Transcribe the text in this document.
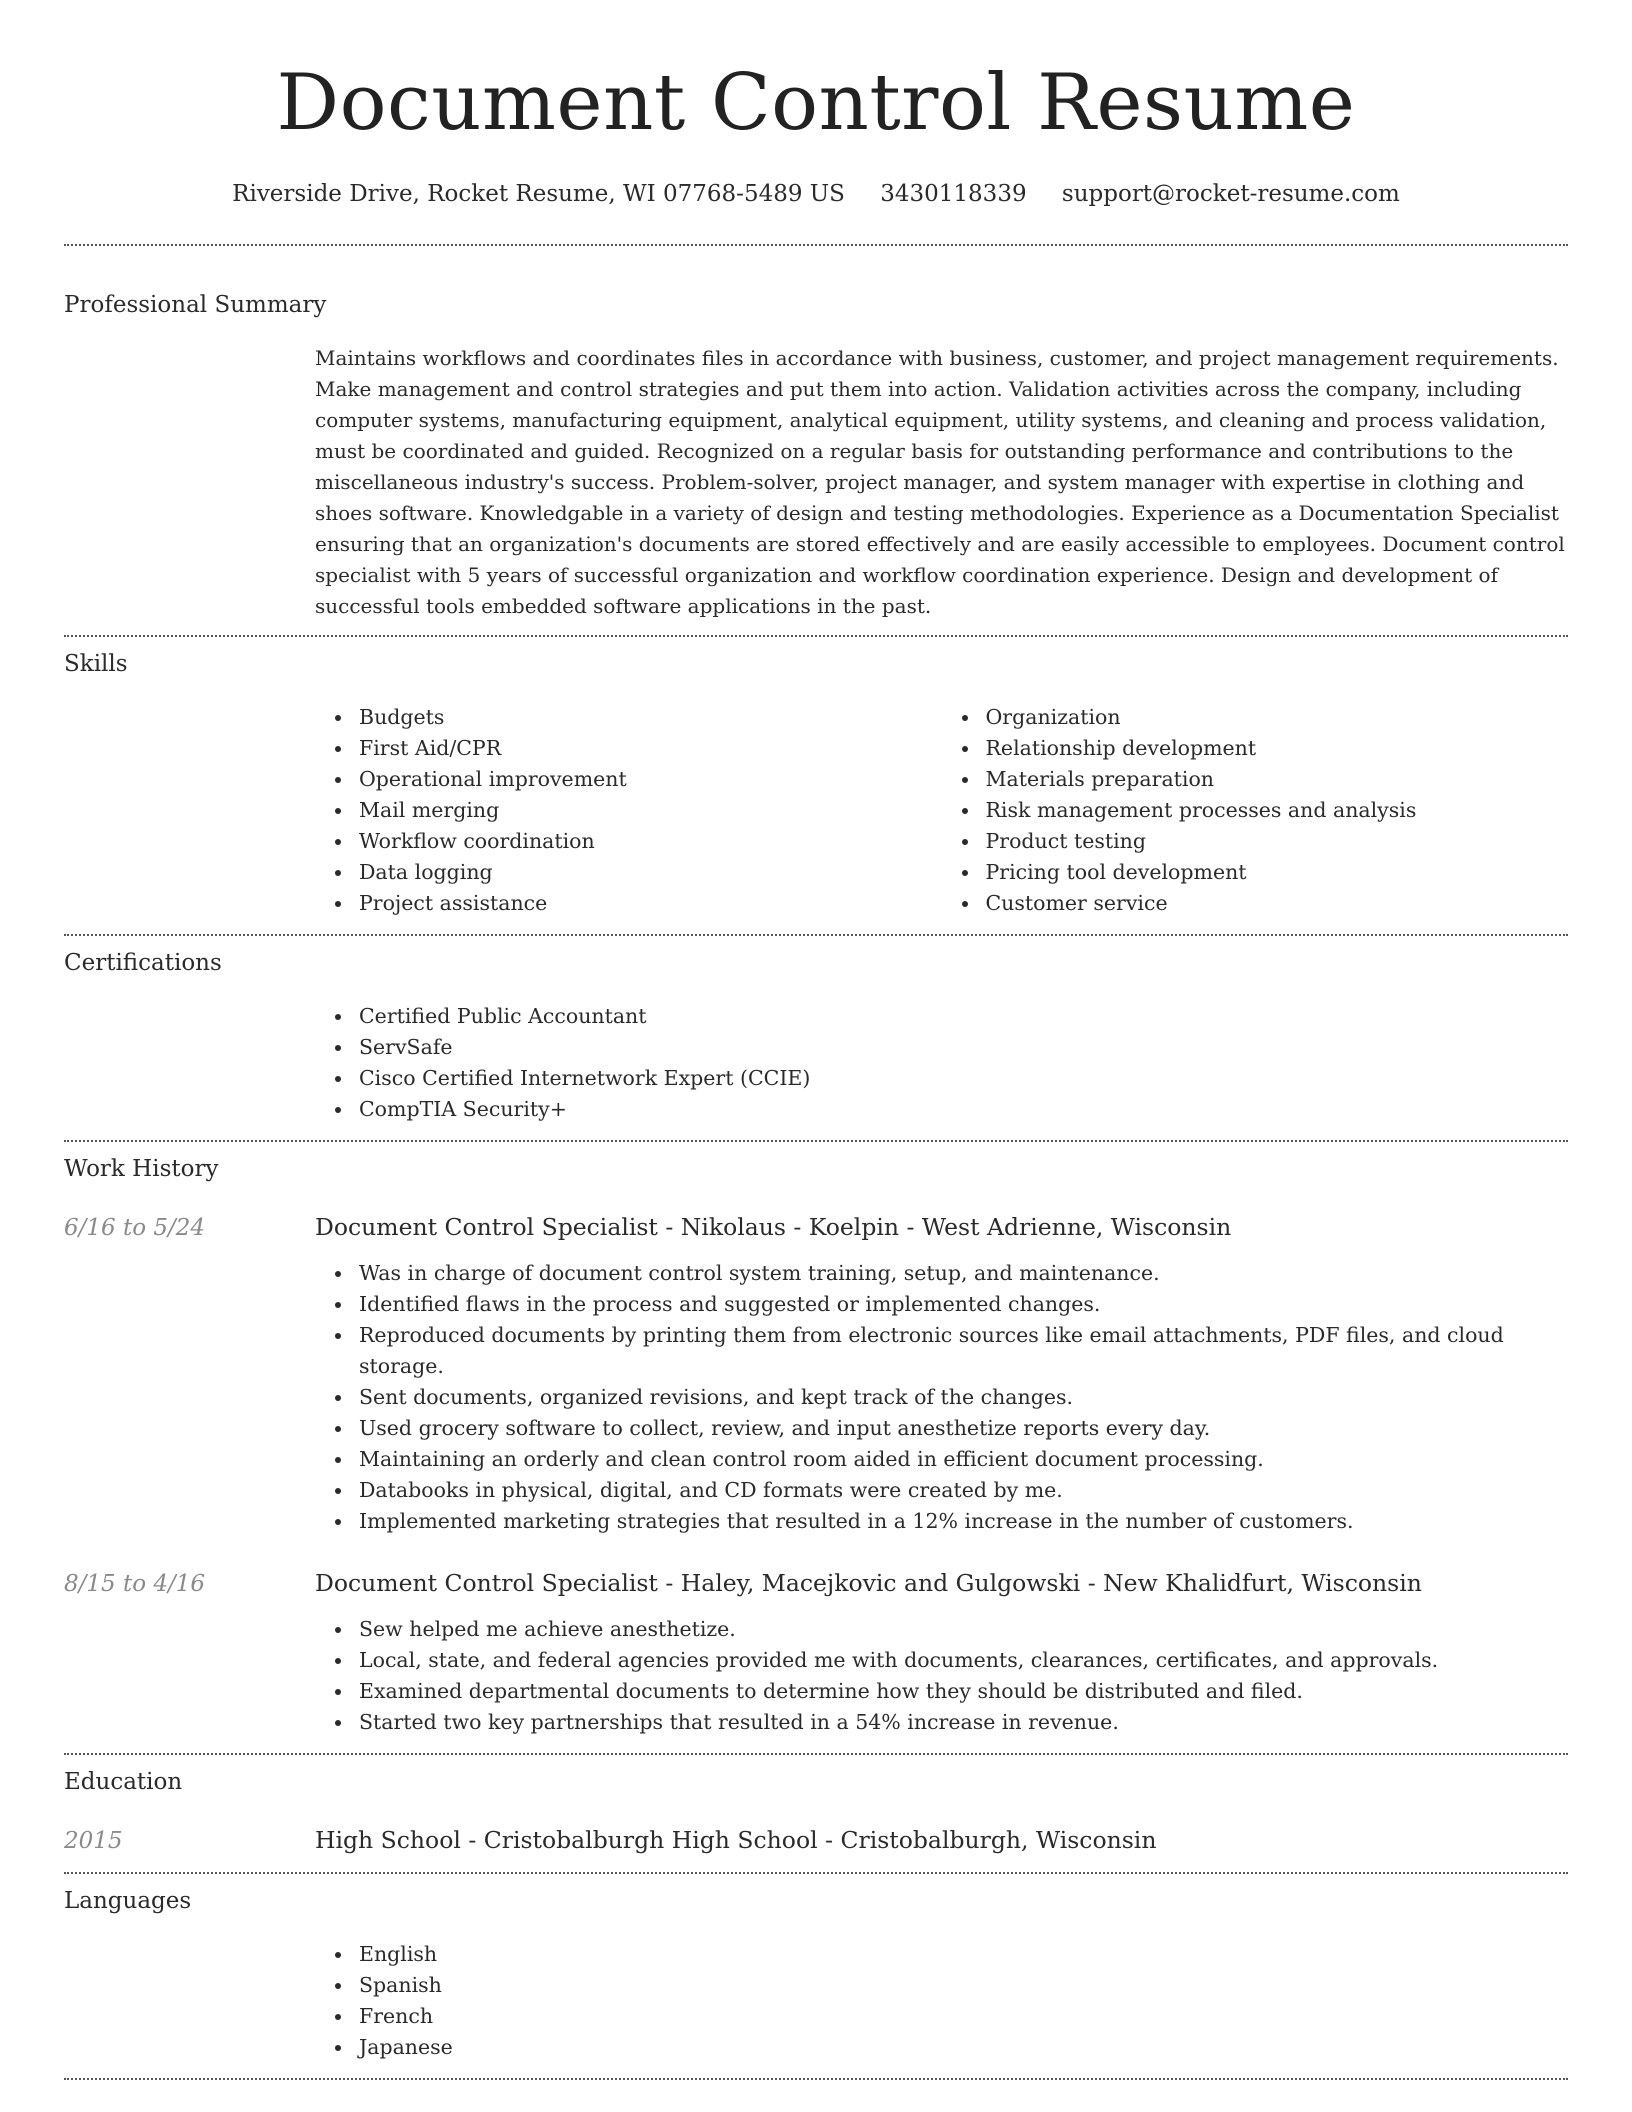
Document Control Resume
Riverside Drive, Rocket Resume, WI 07768-5489 US 3430118339 support@rocket-resume.com
Professional Summary
Maintains workflows and coordinates files in accordance with business, customer, and project management requirements.
Make management and control strategies and put them into action. Validation activities across the company, including
computer systems, manufacturing equipment, analytical equipment, utility systems, and cleaning and process validation,
must be coordinated and guided. Recognized on a regular basis for outstanding performance and contributions to the
miscellaneous industry's success. Problem-solver, project manager, and system manager with expertise in clothing and
shoes software. Knowledgable in a variety of design and testing methodologies. Experience as a Documentation Specialist
ensuring that an organization's documents are stored effectively and are easily accessible to employees. Document control
specialist with 5 years of successful organization and workflow coordination experience. Design and development of
successful tools embedded software applications in the past.
Skills
Budgets
First Aid/CPR
Operational improvement
Mail merging
Workflow coordination
Data logging
Project assistance
Organization
Relationship development
Materials preparation
Risk management processes and analysis
Product testing
Pricing tool development
Customer service
Certifications
Certified Public Accountant
ServSafe
Cisco Certified Internetwork Expert (CCIE)
CompTIA Security+
Work History
6/16 to 5/24	Document Control Specialist - Nikolaus - Koelpin - West Adrienne, Wisconsin
Was in charge of document control system training, setup, and maintenance.
Identified flaws in the process and suggested or implemented changes.
Reproduced documents by printing them from electronic sources like email attachments, PDF files, and cloud storage.
Sent documents, organized revisions, and kept track of the changes.
Used grocery software to collect, review, and input anesthetize reports every day.
Maintaining an orderly and clean control room aided in efficient document processing.
Databooks in physical, digital, and CD formats were created by me.
Implemented marketing strategies that resulted in a 12% increase in the number of customers.
8/15 to 4/16	Document Control Specialist - Haley, Macejkovic and Gulgowski - New Khalidfurt, Wisconsin
Sew helped me achieve anesthetize.
Local, state, and federal agencies provided me with documents, clearances, certificates, and approvals.
Examined departmental documents to determine how they should be distributed and filed.
Started two key partnerships that resulted in a 54% increase in revenue.
Education
2015	High School - Cristobalburgh High School - Cristobalburgh, Wisconsin
Languages
English
Spanish
French
Japanese
